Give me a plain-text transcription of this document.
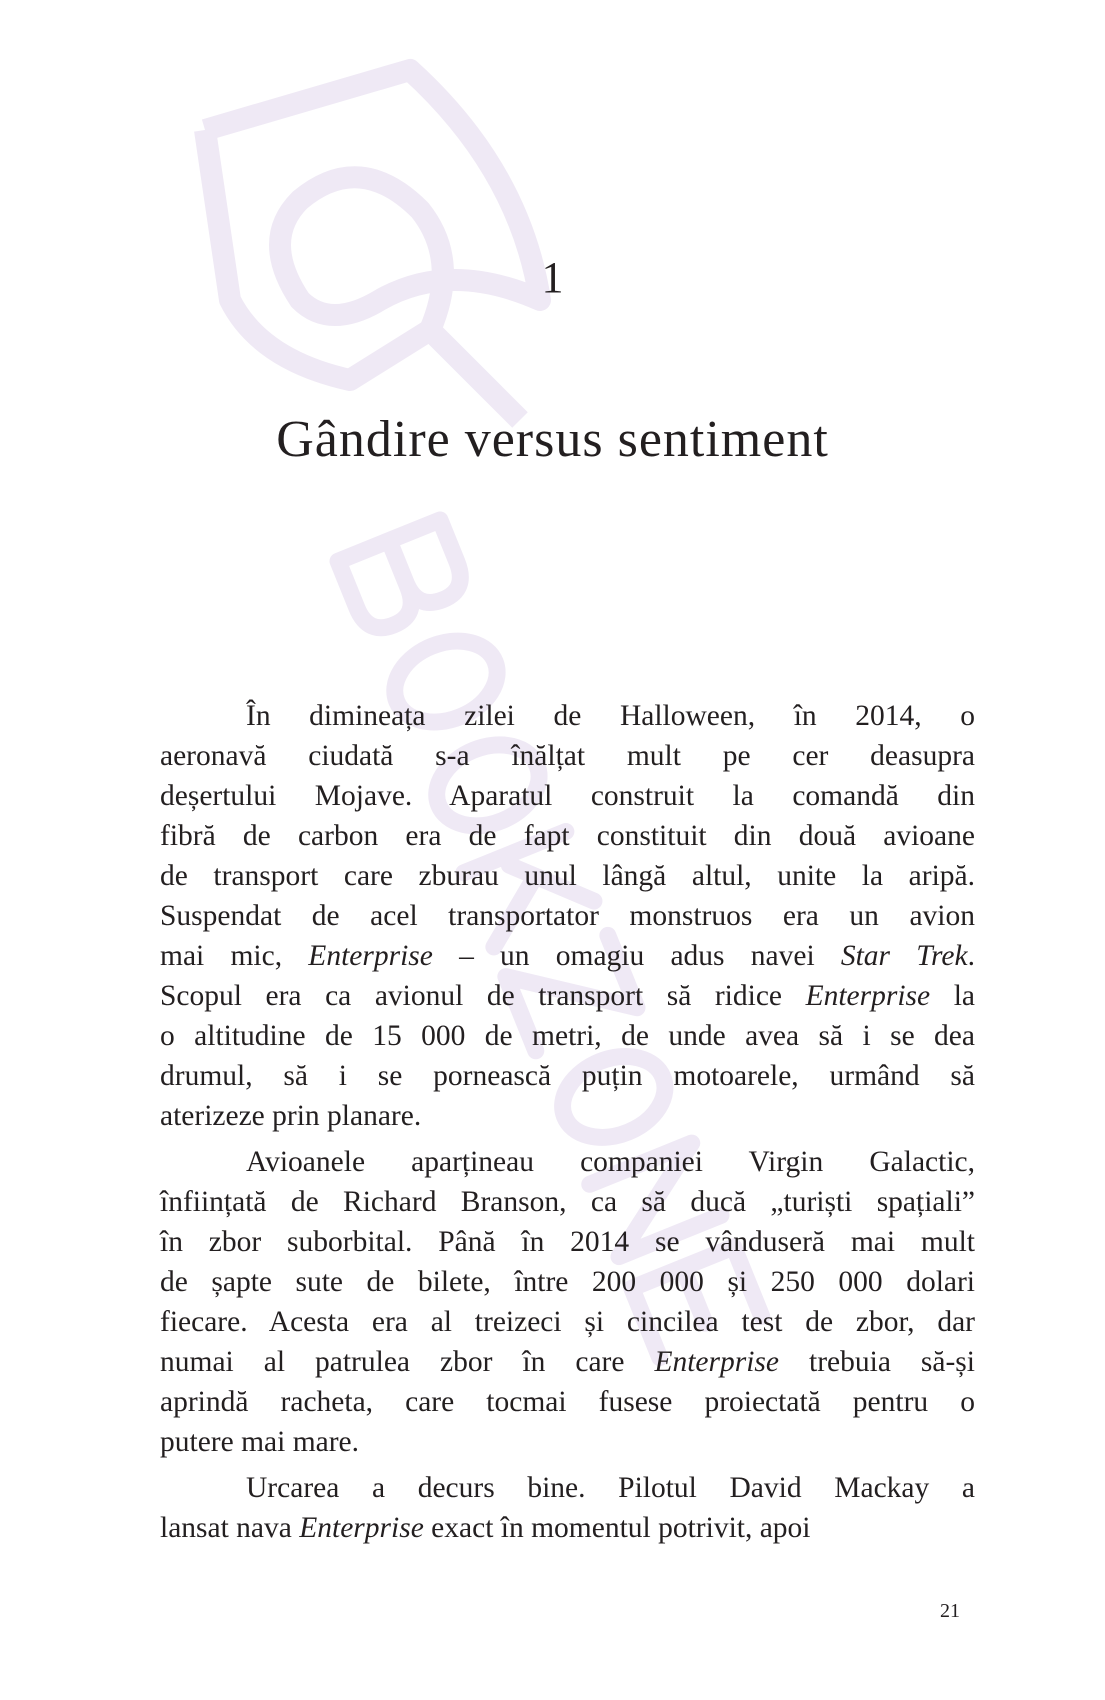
1
Gândire versus sentiment
În dimineața zilei de Halloween, în 2014, o
aeronavă ciudată s-a înălțat mult pe cer deasupra
deșertului Mojave. Aparatul construit la comandă din
fibră de carbon era de fapt constituit din două avioane
de transport care zburau unul lângă altul, unite la aripă.
Suspendat de acel transportator monstruos era un avion
mai mic, Enterprise – un omagiu adus navei Star Trek.
Scopul era ca avionul de transport să ridice Enterprise la
o altitudine de 15 000 de metri, de unde avea să i se dea
drumul, să i se pornească puțin motoarele, urmând să
aterizeze prin planare.
Avioanele aparțineau companiei Virgin Galactic,
înființată de Richard Branson, ca să ducă „turiști spațiali”
în zbor suborbital. Până în 2014 se vânduseră mai mult
de șapte sute de bilete, între 200 000 și 250 000 dolari
fiecare. Acesta era al treizeci și cincilea test de zbor, dar
numai al patrulea zbor în care Enterprise trebuia să-și
aprindă racheta, care tocmai fusese proiectată pentru o
putere mai mare.
Urcarea a decurs bine. Pilotul David Mackay a
lansat nava Enterprise exact în momentul potrivit, apoi
21
